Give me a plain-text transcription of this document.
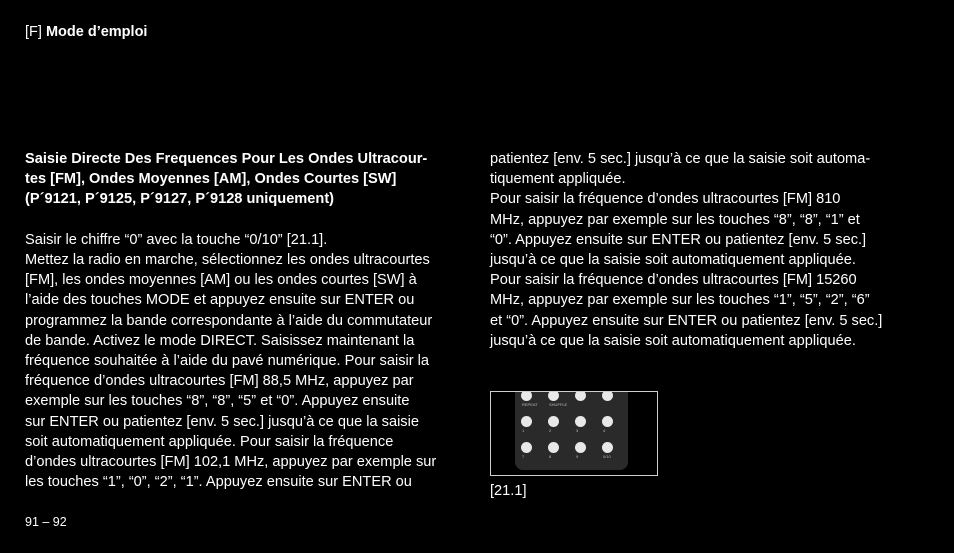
[F] Mode d’emploi
Saisie Directe Des Frequences Pour Les Ondes Ultracour-
tes [FM], Ondes Moyennes [AM], Ondes Courtes [SW]
(P´9121, P´9125, P´9127, P´9128 uniquement)
Saisir le chiffre “0” avec la touche “0/10” [21.1].
Mettez la radio en marche, sélectionnez les ondes ultracourtes
[FM], les ondes moyennes [AM] ou les ondes courtes [SW] à
l’aide des touches MODE et appuyez ensuite sur ENTER ou
programmez la bande correspondante à l’aide du commutateur
de bande. Activez le mode DIRECT. Saisissez maintenant la
fréquence souhaitée à l’aide du pavé numérique. Pour saisir la
fréquence d’ondes ultracourtes [FM] 88,5 MHz, appuyez par
exemple sur les touches “8”, “8”, “5” et “0”. Appuyez ensuite
sur ENTER ou patientez [env. 5 sec.] jusqu’à ce que la saisie
soit automatiquement appliquée. Pour saisir la fréquence
d’ondes ultracourtes [FM] 102,1 MHz, appuyez par exemple sur
les touches “1”, “0”, “2”, “1”. Appuyez ensuite sur ENTER ou
patientez [env. 5 sec.] jusqu’à ce que la saisie soit automa-
tiquement appliquée.
Pour saisir la fréquence d’ondes ultracourtes [FM] 810
MHz, appuyez par exemple sur les touches “8”, “8”, “1” et
“0”. Appuyez ensuite sur ENTER ou patientez [env. 5 sec.]
jusqu’à ce que la saisie soit automatiquement appliquée.
Pour saisir la fréquence d’ondes ultracourtes [FM] 15260
MHz, appuyez par exemple sur les touches “1”, “5”, “2”, “6”
et “0”. Appuyez ensuite sur ENTER ou patientez [env. 5 sec.]
jusqu’à ce que la saisie soit automatiquement appliquée.
REPEAT	SHUFFLE
1	2	3	4
7	8	9	0/10
[21.1]
91 – 92
